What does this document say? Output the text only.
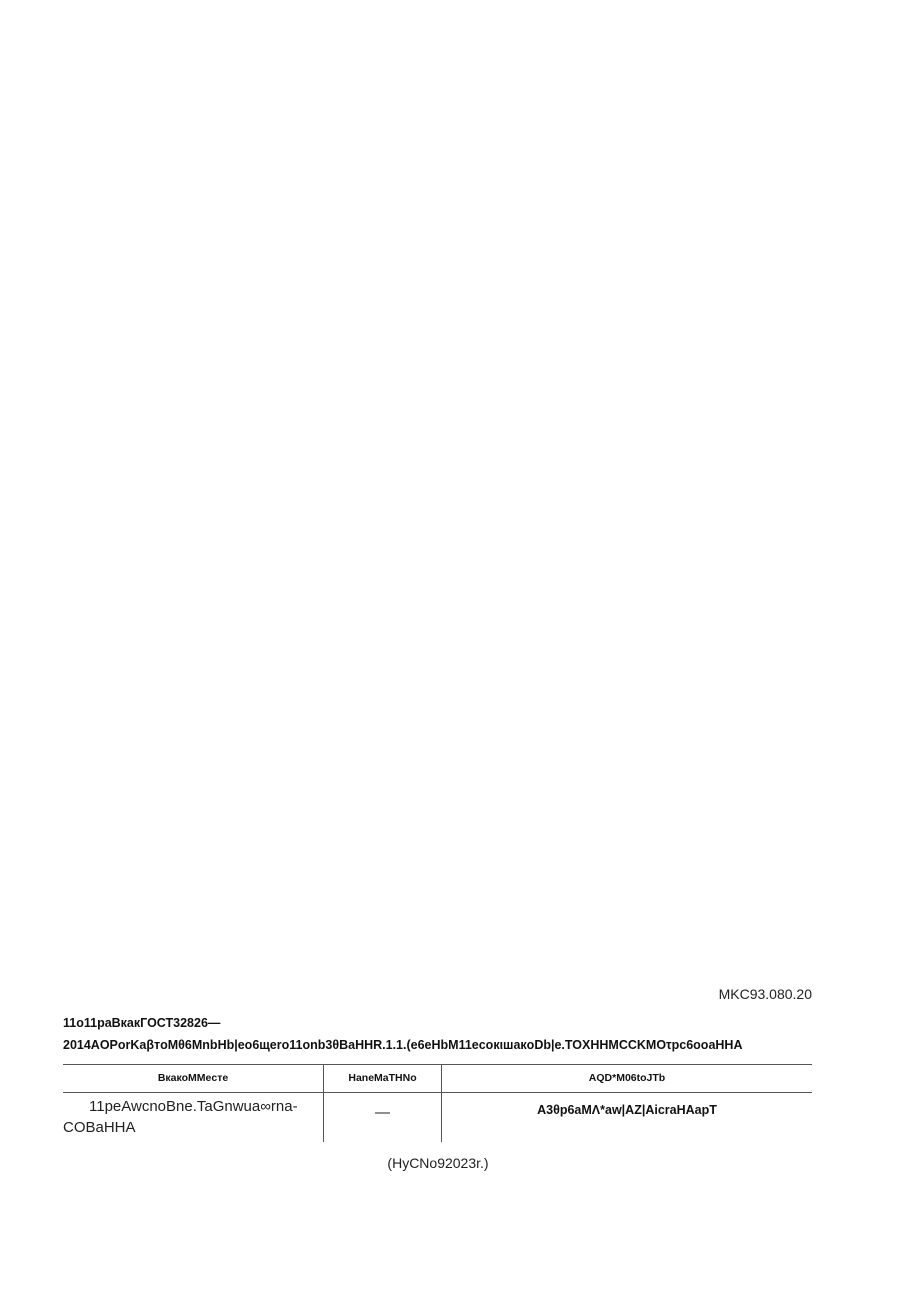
MKC93.080.20
11o11paBкакГОСТ32826—
2014AOPorKaβтoMθ6MnbHb|eo6щero11onb3θBaHHR.1.1.(e6eHbM11ecoкιшакoDb|e.TOXHHMCCKMOτpc6ooaHHA
BкакоMMecте	HaneMaTHNo	AQD*M06toJTb
11peAwcnoBne.TaGnwua∞rna-
COBaHHA
—	A3θp6aMΛ*aw|AZ|AicraHAapT
(HyCNo92023r.)
